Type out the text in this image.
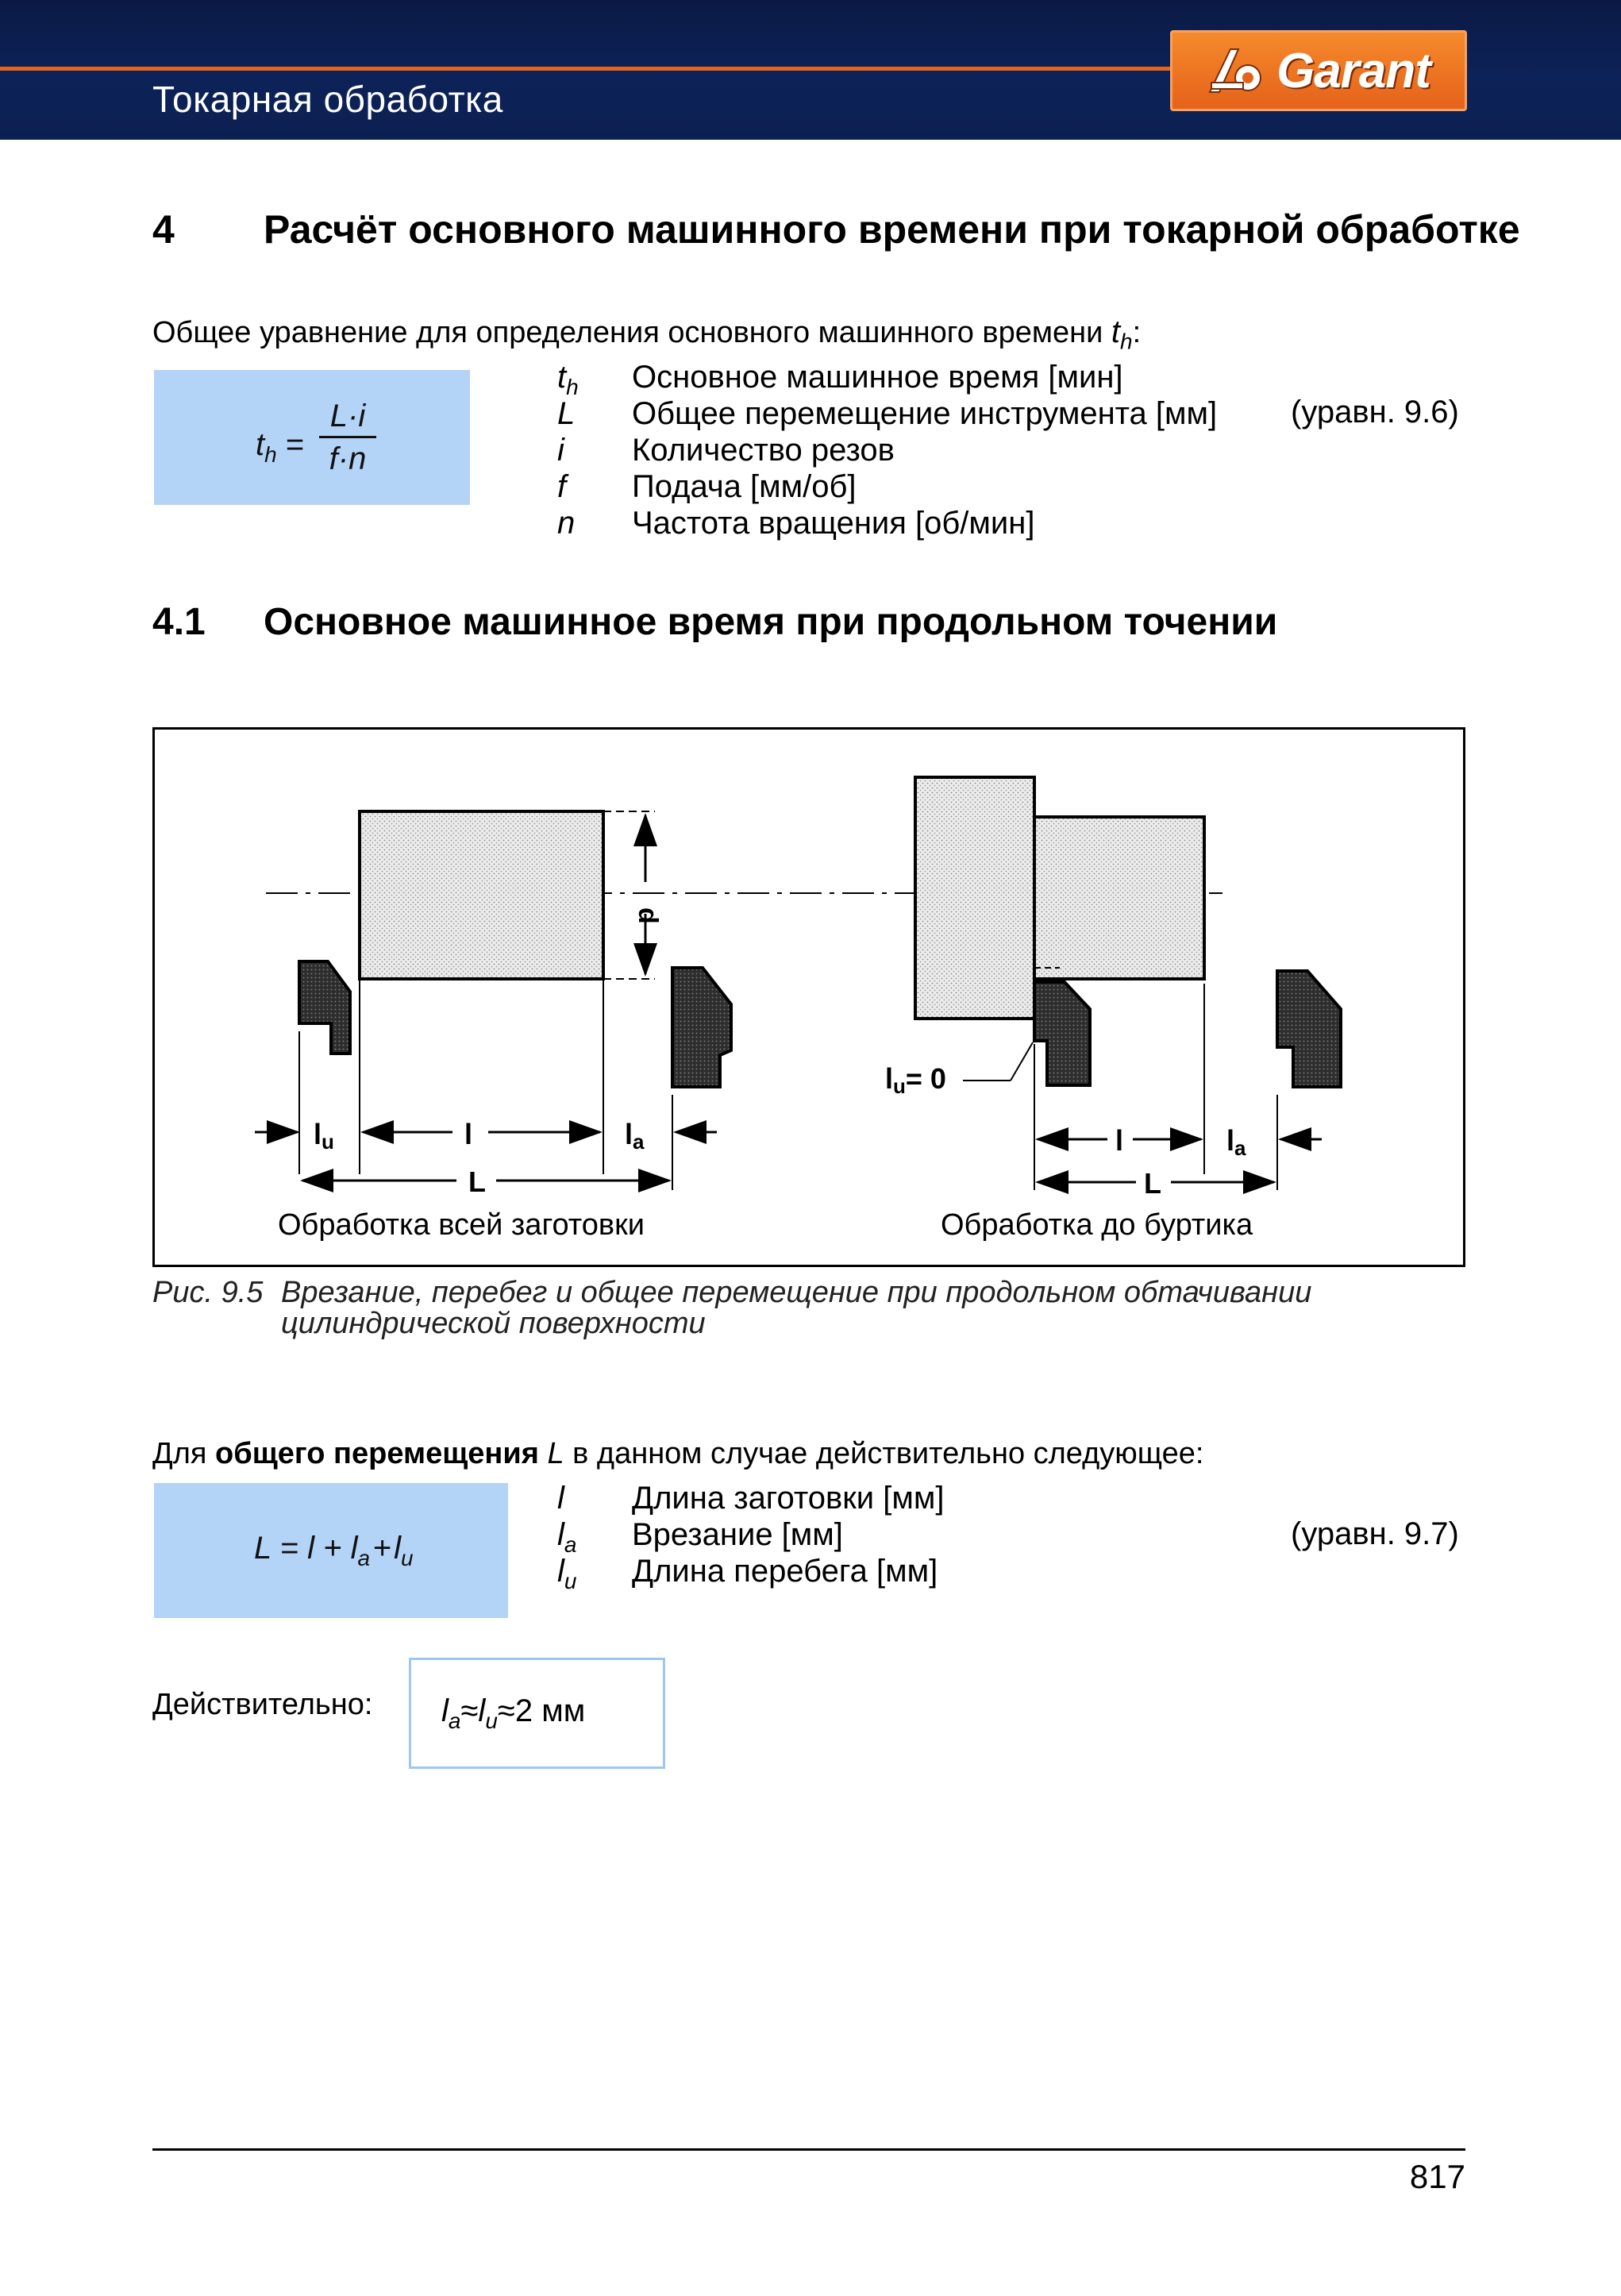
Токарная обработка
Garant
4	Расчёт основного машинного времени при токарной обработке
Общее уравнение для определения основного машинного времени $t_h$:
$t_h$ =
L·i
f·n
$t_h$ Основное машинное время [мин]
L Общее перемещение инструмента [мм]
i Количество резов
f Подача [мм/об]
n Частота вращения [об/мин]
(уравн. 9.6)
4.1 Основное машинное время при продольном точении
d
lu	l	la
L
lu= 0
l	la
L
Обработка всей заготовки	Обработка до буртика
Рис. 9.5 Врезание, перебег и общее перемещение при продольном обтачивании
цилиндрической поверхности
Для общего перемещения L в данном случае действительно следующее:
$L = l + l_a$ + $l_u$
l Длина заготовки [мм]
$l_a$ Врезание [мм]
$l_u$ Длина перебега [мм]
(уравн. 9.7)
Действительно: $l_a\approx l_u\approx 2$ мм
817
